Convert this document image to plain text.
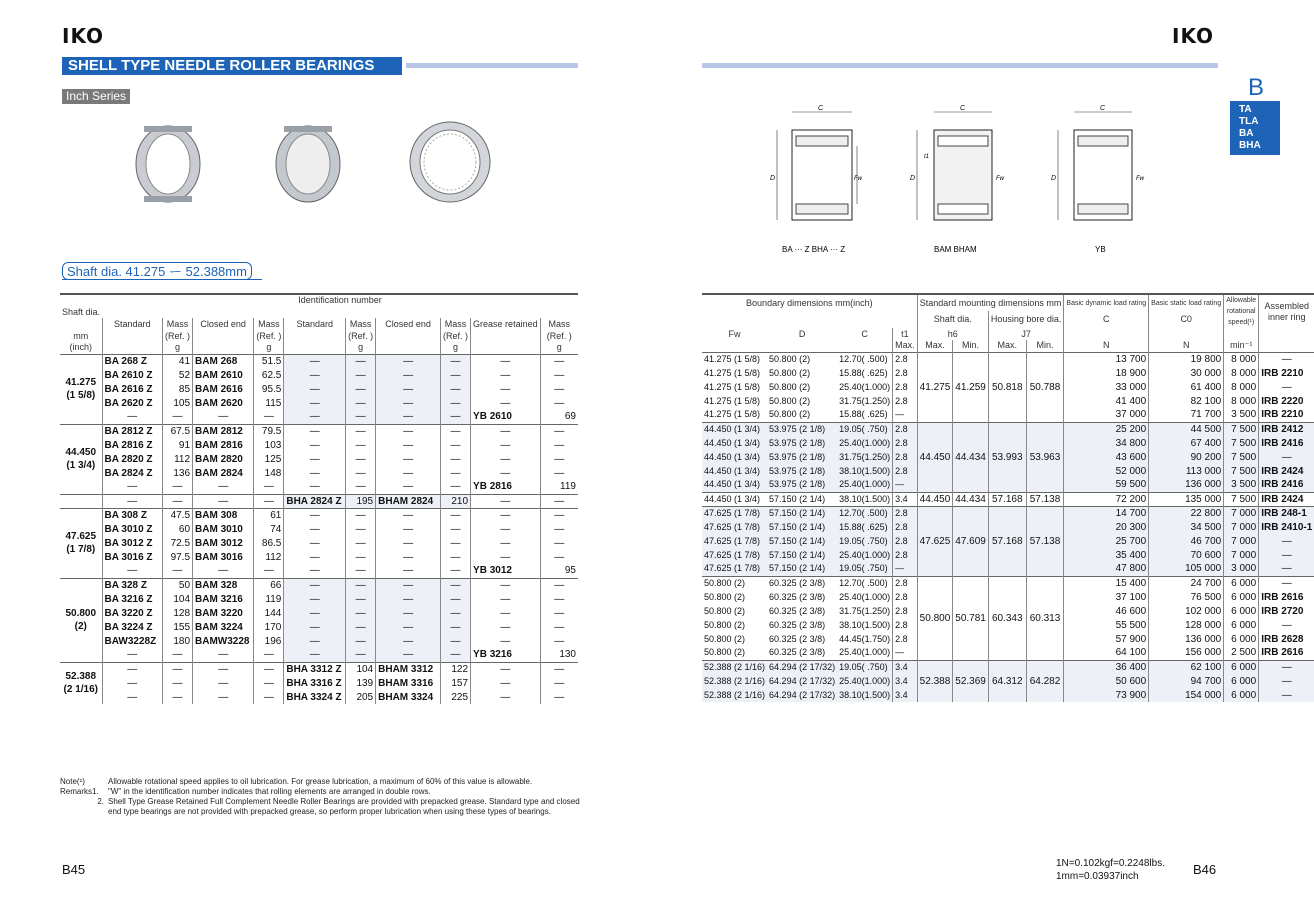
IKO
SHELL TYPE NEEDLE ROLLER BEARINGS
Inch Series
Shaft dia. 41.275 ー 52.388mm
	Identification number									
Shaft dia.										
	Standard	Mass	Closed end	Mass	Standard	Mass	Closed end	Mass	Grease retained	Mass
mm		(Ref. )		(Ref. )		(Ref. )		(Ref. )		(Ref. )
(inch)		g		g		g		g		g

41.275
(1 5/8)	BA 268 Z	41	BAM 268	51.5	—	—	—	—	—	—
	BA 2610 Z	52	BAM 2610	62.5	—	—	—	—	—	—
	BA 2616 Z	85	BAM 2616	95.5	—	—	—	—	—	—
	BA 2620 Z	105	BAM 2620	115	—	—	—	—	—	—
	—	—	—	—	—	—	—	—	YB 2610	69

44.450
(1 3/4)	BA 2812 Z	67.5	BAM 2812	79.5	—	—	—	—	—	—
	BA 2816 Z	91	BAM 2816	103	—	—	—	—	—	—
	BA 2820 Z	112	BAM 2820	125	—	—	—	—	—	—
	BA 2824 Z	136	BAM 2824	148	—	—	—	—	—	—
	—	—	—	—	—	—	—	—	YB 2816	119

	—	—	—	—	BHA 2824 Z	195	BHAM 2824	210	—	—

47.625
(1 7/8)	BA 308 Z	47.5	BAM 308	61	—	—	—	—	—	—
	BA 3010 Z	60	BAM 3010	74	—	—	—	—	—	—
	BA 3012 Z	72.5	BAM 3012	86.5	—	—	—	—	—	—
	BA 3016 Z	97.5	BAM 3016	112	—	—	—	—	—	—
	—	—	—	—	—	—	—	—	YB 3012	95

50.800
(2)	BA 328 Z	50	BAM 328	66	—	—	—	—	—	—
	BA 3216 Z	104	BAM 3216	119	—	—	—	—	—	—
	BA 3220 Z	128	BAM 3220	144	—	—	—	—	—	—
	BA 3224 Z	155	BAM 3224	170	—	—	—	—	—	—
	BAW3228Z	180	BAMW3228	196	—	—	—	—	—	—
	—	—	—	—	—	—	—	—	YB 3216	130

52.388
(2 1/16)	—	—	—	—	BHA 3312 Z	104	BHAM 3312	122	—	—
	—	—	—	—	BHA 3316 Z	139	BHAM 3316	157	—	—
	—	—	—	—	BHA 3324 Z	205	BHAM 3324	225	—	—
Note(¹)	Allowable rotational speed applies to oil lubrication. For grease lubrication, a maximum of 60% of this value is allowable.
Remarks1.	"W" in the identification number indicates that rolling elements are arranged in double rows.
2. Shell Type Grease Retained Full Complement Needle Roller Bearings are provided with prepacked grease. Standard type and closed end type bearings are not provided with prepacked grease, so perform proper lubrication when using these types of bearings.
B45
IKO
B
TA
TLA
BA
BHA
C
D	Fw
C
D
t1
Fw
C
D	Fw
BA ··· Z BHA ··· Z	BAM BHAM	YB
Boundary dimensions mm(inch)				Standard mounting dimensions mm				Basic dynamic load rating	Basic static load rating	Allowable rotational speed(¹)	Assembled inner ring
				Shaft dia.		Housing bore dia.		C	C0		
Fw	D	C	t1	h6		J7					
			Max.	Max.	Min.	Max.	Min.	N	N	min⁻¹	
41.275 (1 5/8)	50.800 (2)	12.70( .500)	2.8	41.275	41.259	50.818	50.788	13 700	19 800	8 000	—
41.275 (1 5/8)	50.800 (2)	15.88( .625)	2.8					18 900	30 000	8 000	IRB 2210
41.275 (1 5/8)	50.800 (2)	25.40(1.000)	2.8					33 000	61 400	8 000	—
41.275 (1 5/8)	50.800 (2)	31.75(1.250)	2.8					41 400	82 100	8 000	IRB 2220
41.275 (1 5/8)	50.800 (2)	15.88( .625)	—					37 000	71 700	3 500	IRB 2210
44.450 (1 3/4)	53.975 (2 1/8)	19.05( .750)	2.8	44.450	44.434	53.993	53.963	25 200	44 500	7 500	IRB 2412
44.450 (1 3/4)	53.975 (2 1/8)	25.40(1.000)	2.8					34 800	67 400	7 500	IRB 2416
44.450 (1 3/4)	53.975 (2 1/8)	31.75(1.250)	2.8					43 600	90 200	7 500	—
44.450 (1 3/4)	53.975 (2 1/8)	38.10(1.500)	2.8					52 000	113 000	7 500	IRB 2424
44.450 (1 3/4)	53.975 (2 1/8)	25.40(1.000)	—					59 500	136 000	3 500	IRB 2416
44.450 (1 3/4)	57.150 (2 1/4)	38.10(1.500)	3.4	44.450	44.434	57.168	57.138	72 200	135 000	7 500	IRB 2424
47.625 (1 7/8)	57.150 (2 1/4)	12.70( .500)	2.8	47.625	47.609	57.168	57.138	14 700	22 800	7 000	IRB 248-1
47.625 (1 7/8)	57.150 (2 1/4)	15.88( .625)	2.8					20 300	34 500	7 000	IRB 2410-1
47.625 (1 7/8)	57.150 (2 1/4)	19.05( .750)	2.8					25 700	46 700	7 000	—
47.625 (1 7/8)	57.150 (2 1/4)	25.40(1.000)	2.8					35 400	70 600	7 000	—
47.625 (1 7/8)	57.150 (2 1/4)	19.05( .750)	—					47 800	105 000	3 000	—
50.800 (2)	60.325 (2 3/8)	12.70( .500)	2.8	50.800	50.781	60.343	60.313	15 400	24 700	6 000	—
50.800 (2)	60.325 (2 3/8)	25.40(1.000)	2.8					37 100	76 500	6 000	IRB 2616
50.800 (2)	60.325 (2 3/8)	31.75(1.250)	2.8					46 600	102 000	6 000	IRB 2720
50.800 (2)	60.325 (2 3/8)	38.10(1.500)	2.8					55 500	128 000	6 000	—
50.800 (2)	60.325 (2 3/8)	44.45(1.750)	2.8					57 900	136 000	6 000	IRB 2628
50.800 (2)	60.325 (2 3/8)	25.40(1.000)	—					64 100	156 000	2 500	IRB 2616
52.388 (2 1/16)	64.294 (2 17/32)	19.05( .750)	3.4	52.388	52.369	64.312	64.282	36 400	62 100	6 000	—
52.388 (2 1/16)	64.294 (2 17/32)	25.40(1.000)	3.4					50 600	94 700	6 000	—
52.388 (2 1/16)	64.294 (2 17/32)	38.10(1.500)	3.4					73 900	154 000	6 000	—
1N=0.102kgf=0.2248lbs.
1mm=0.03937inch	B46
